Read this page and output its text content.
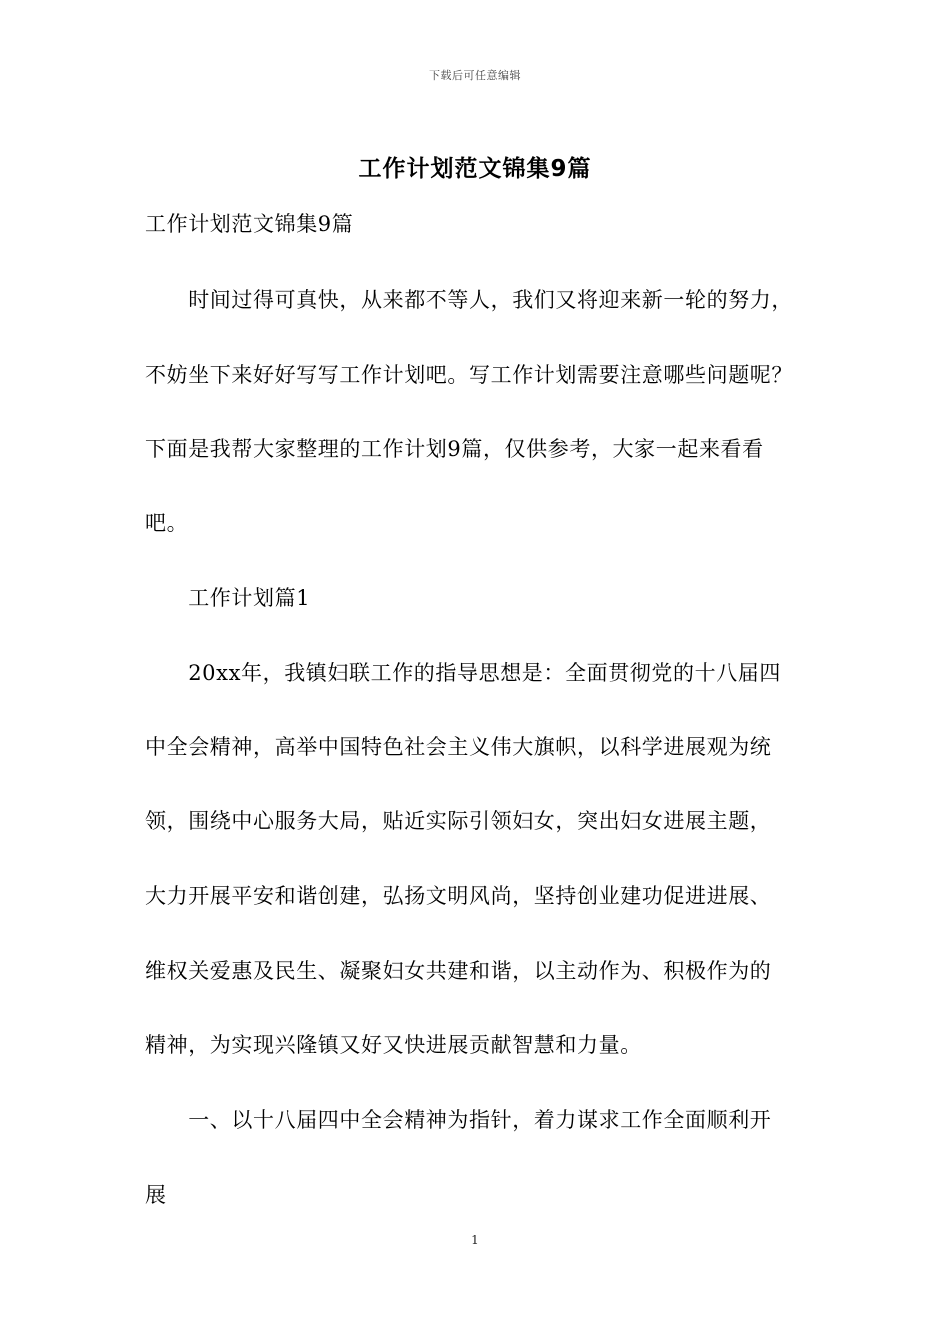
下载后可任意编辑
工作计划范文锦集9篇
工作计划范文锦集9篇
　　时间过得可真快，从来都不等人，我们又将迎来新一轮的努力，
不妨坐下来好好写写工作计划吧。写工作计划需要注意哪些问题呢？
下面是我帮大家整理的工作计划9篇，仅供参考，大家一起来看看
吧。
　　工作计划篇1
　　20xx年，我镇妇联工作的指导思想是：全面贯彻党的十八届四
中全会精神，高举中国特色社会主义伟大旗帜，以科学进展观为统
领，围绕中心服务大局，贴近实际引领妇女，突出妇女进展主题，
大力开展平安和谐创建，弘扬文明风尚，坚持创业建功促进进展、
维权关爱惠及民生、凝聚妇女共建和谐，以主动作为、积极作为的
精神，为实现兴隆镇又好又快进展贡献智慧和力量。
　　一、以十八届四中全会精神为指针，着力谋求工作全面顺利开
展
1
